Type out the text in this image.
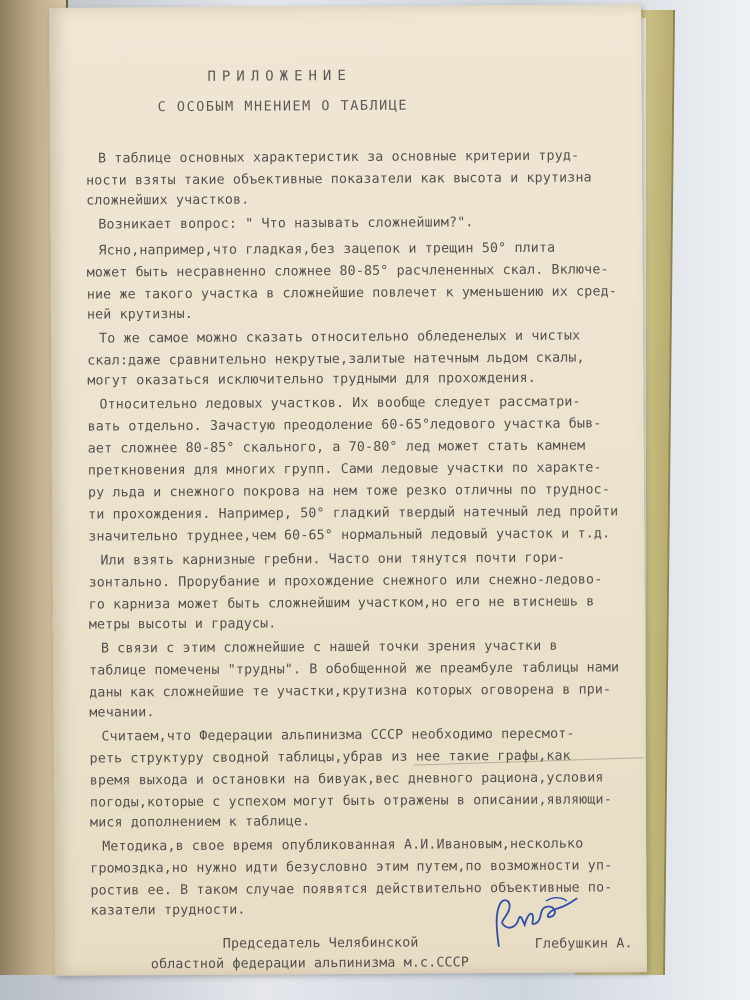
ПРИЛОЖЕНИЕ
С ОСОБЫМ МНЕНИЕМ О ТАБЛИЦЕ
В таблице основных характеристик за основные критерии труд-
ности взяты такие объективные показатели как высота и крутизна
сложнейших участков.
Возникает вопрос: " Что называть сложнейшим?".
Ясно,например,что гладкая,без зацепок и трещин 50° плита
может быть несравненно сложнее 80-85° расчлененных скал. Включе-
ние же такого участка в сложнейшие повлечет к уменьшению их сред-
ней крутизны.
То же самое можно сказать относительно обледенелых и чистых
скал:даже сравнительно некрутые,залитые натечным льдом скалы,
могут оказаться исключительно трудными для прохождения.
Относительно ледовых участков. Их вообще следует рассматри-
вать отдельно. Зачастую преодоление 60-65°ледового участка быв-
ает сложнее 80-85° скального, а 70-80° лед может стать камнем
преткновения для многих групп. Сами ледовые участки по характе-
ру льда и снежного покрова на нем тоже резко отличны по труднос-
ти прохождения. Например, 50° гладкий твердый натечный лед пройти
значительно труднее,чем 60-65° нормальный ледовый участок и т.д.
Или взять карнизные гребни. Часто они тянутся почти гори-
зонтально. Прорубание и прохождение снежного или снежно-ледово-
го карниза может быть сложнейшим участком,но его не втиснешь в
метры высоты и градусы.
В связи с этим сложнейшие с нашей точки зрения участки в
таблице помечены "трудны". В обобщенной же преамбуле таблицы нами
даны как сложнейшие те участки,крутизна которых оговорена в при-
мечании.
Считаем,что Федерации альпинизма СССР необходимо пересмот-
реть структуру сводной таблицы,убрав из нее такие графы,как
время выхода и остановки на бивуак,вес дневного рациона,условия
погоды,которые с успехом могут быть отражены в описании,являющи-
мися дополнением к таблице.
Методика,в свое время опубликованная А.И.Ивановым,несколько
громоздка,но нужно идти безусловно этим путем,по возможности уп-
ростив ее. В таком случае появятся действительно объективные по-
казатели трудности.
Председатель Челябинской
областной федерации альпинизма м.с.СССР
Глебушкин А.
